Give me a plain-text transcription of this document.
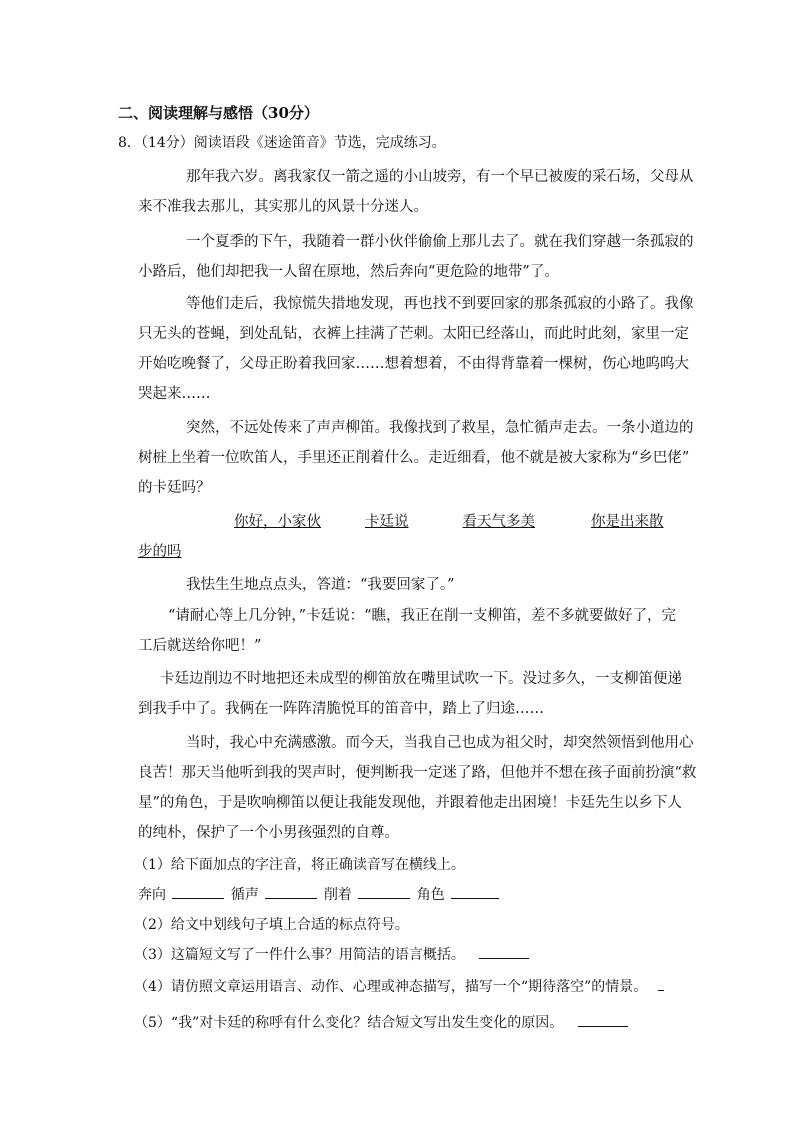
二、阅读理解与感悟（30分）
8．（14分）阅读语段《迷途笛音》节选，完成练习。
那年我六岁。离我家仅一箭之遥的小山坡旁，有一个早已被废的采石场，父母从
来不准我去那儿，其实那儿的风景十分迷人。
一个夏季的下午，我随着一群小伙伴偷偷上那儿去了。就在我们穿越一条孤寂的
小路后，他们却把我一人留在原地，然后奔向“更危险的地带”了。
等他们走后，我惊慌失措地发现，再也找不到要回家的那条孤寂的小路了。我像
只无头的苍蝇，到处乱钻，衣裤上挂满了芒刺。太阳已经落山，而此时此刻，家里一定
开始吃晚餐了，父母正盼着我回家……想着想着，不由得背靠着一棵树，伤心地呜呜大
哭起来……
突然，不远处传来了声声柳笛。我像找到了救星，急忙循声走去。一条小道边的
树桩上坐着一位吹笛人，手里还正削着什么。走近细看，他不就是被大家称为“乡巴佬”
的卡廷吗？
你好，小家伙	卡廷说	看天气多美	你是出来散
步的吗
我怯生生地点点头，答道：“我要回家了。”
“请耐心等上几分钟，”卡廷说：“瞧，我正在削一支柳笛，差不多就要做好了，完
工后就送给你吧！”
卡廷边削边不时地把还未成型的柳笛放在嘴里试吹一下。没过多久，一支柳笛便递
到我手中了。我俩在一阵阵清脆悦耳的笛音中，踏上了归途……
当时，我心中充满感激。而今天，当我自己也成为祖父时，却突然领悟到他用心
良苦！那天当他听到我的哭声时，便判断我一定迷了路，但他并不想在孩子面前扮演“救
星”的角色，于是吹响柳笛以便让我能发现他，并跟着他走出困境！卡廷先生以乡下人
的纯朴，保护了一个小男孩强烈的自尊。
（1）给下面加点的字注音，将正确读音写在横线上。
奔向	循声	削着	角色
（2）给文中划线句子填上合适的标点符号。
（3）这篇短文写了一件什么事？用简洁的语言概括。
（4）请仿照文章运用语言、动作、心理或神态描写，描写一个“期待落空”的情景。
（5）“我”对卡廷的称呼有什么变化？结合短文写出发生变化的原因。
